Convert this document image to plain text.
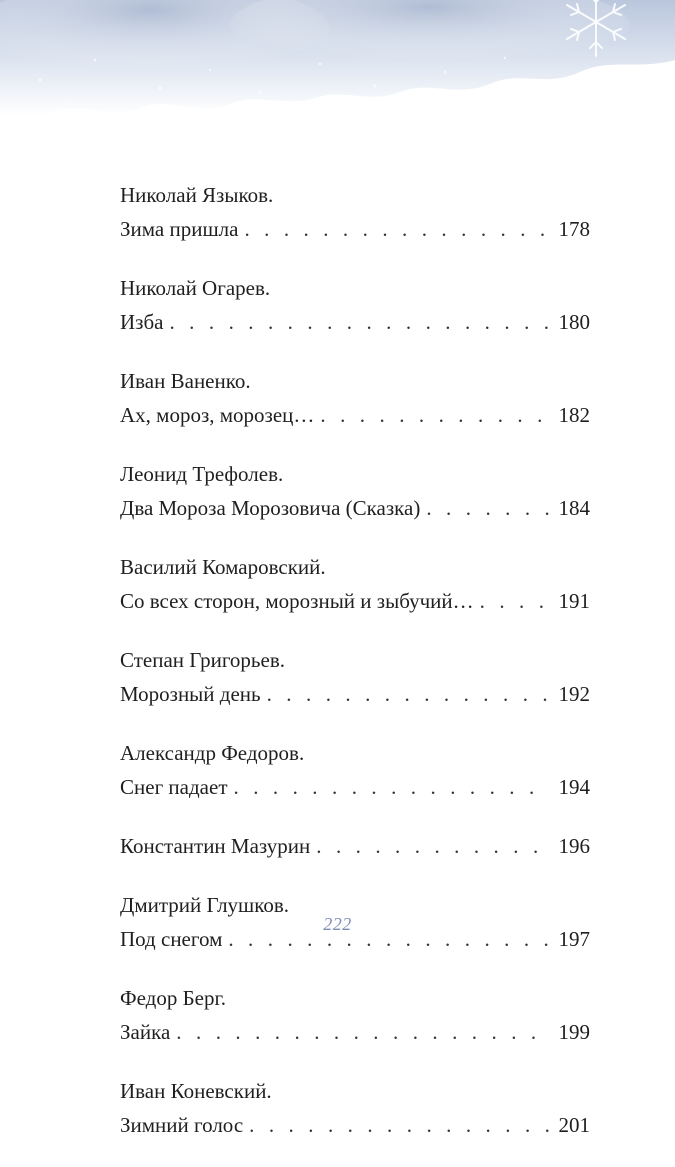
Николай Языков.
Зима пришла . . .	178
Николай Огарев.
Изба . . .	180
Иван Ваненко.
Ах, мороз, морозец… . . .	182
Леонид Трефолев.
Два Мороза Морозовича (Сказка) . . .	184
Василий Комаровский.
Со всех сторон, морозный и зыбучий… . . .	191
Степан Григорьев.
Морозный день . . .	192
Александр Федоров.
Снег падает . . .	194
Константин Мазурин . . .	196
Дмитрий Глушков.
Под снегом . . .	197
Федор Берг.
Зайка . . .	199
Иван Коневский.
Зимний голос . . .	201
222
